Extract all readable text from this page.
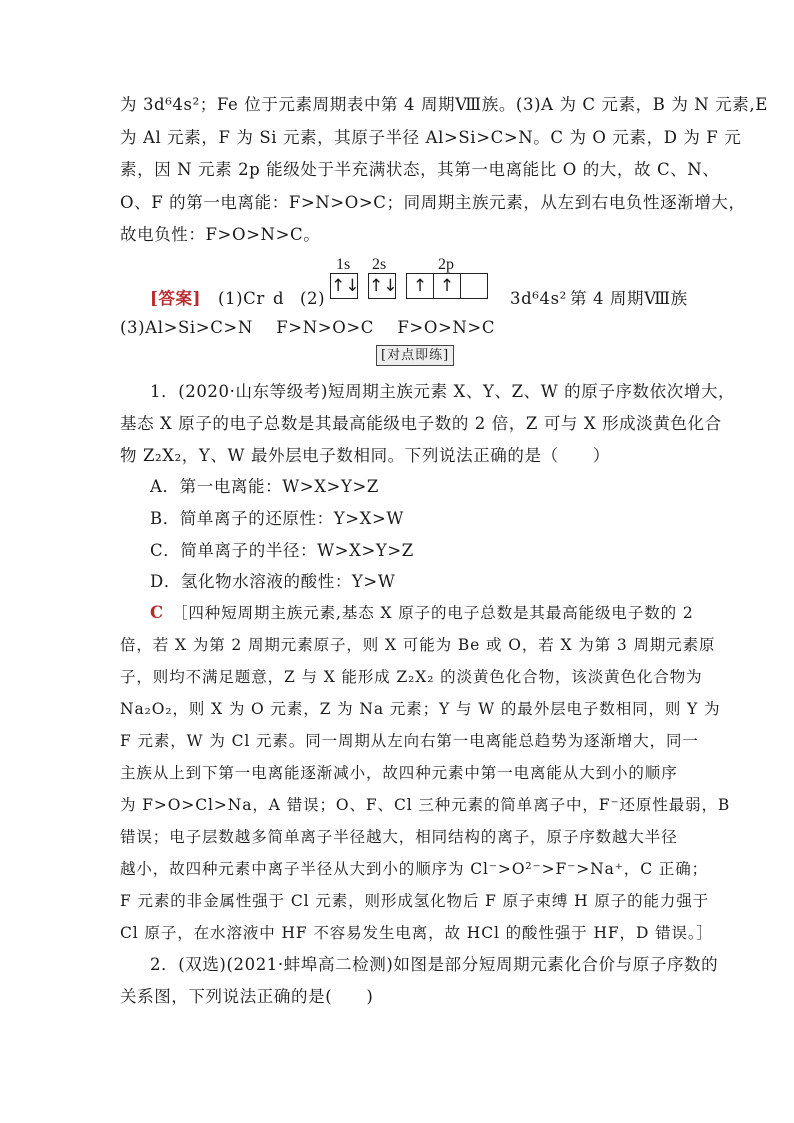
为 3d⁶4s²；Fe 位于元素周期表中第 4 周期Ⅷ族。(3)A 为 C 元素，B 为 N 元素,E
为 Al 元素，F 为 Si 元素，其原子半径 Al>Si>C>N。C 为 O 元素，D 为 F 元
素，因 N 元素 2p 能级处于半充满状态，其第一电离能比 O 的大，故 C、N、
O、F 的第一电离能：F>N>O>C；同周期主族元素，从左到右电负性逐渐增大，
故电负性：F>O>N>C。
1s 2s	2p
[答案] (1)Cr d (2)
↑↓ ↑↓ ↑ ↑
3d⁶4s² 第 4 周期Ⅷ族
(3)Al>Si>C>N    F>N>O>C    F>O>N>C
[对点即练]
1．(2020·山东等级考)短周期主族元素 X、Y、Z、W 的原子序数依次增大，
基态 X 原子的电子总数是其最高能级电子数的 2 倍，Z 可与 X 形成淡黄色化合
物 Z₂X₂，Y、W 最外层电子数相同。下列说法正确的是（　　）
A．第一电离能：W>X>Y>Z
B．简单离子的还原性：Y>X>W
C．简单离子的半径：W>X>Y>Z
D．氢化物水溶液的酸性：Y>W
C ［四种短周期主族元素,基态 X 原子的电子总数是其最高能级电子数的 2
倍，若 X 为第 2 周期元素原子，则 X 可能为 Be 或 O，若 X 为第 3 周期元素原
子，则均不满足题意，Z 与 X 能形成 Z₂X₂ 的淡黄色化合物，该淡黄色化合物为
Na₂O₂，则 X 为 O 元素，Z 为 Na 元素；Y 与 W 的最外层电子数相同，则 Y 为
F 元素，W 为 Cl 元素。同一周期从左向右第一电离能总趋势为逐渐增大，同一
主族从上到下第一电离能逐渐减小，故四种元素中第一电离能从大到小的顺序
为 F>O>Cl>Na，A 错误；O、F、Cl 三种元素的简单离子中，F⁻还原性最弱，B
错误；电子层数越多简单离子半径越大，相同结构的离子，原子序数越大半径
越小，故四种元素中离子半径从大到小的顺序为 Cl⁻>O²⁻>F⁻>Na⁺，C 正确；
F 元素的非金属性强于 Cl 元素，则形成氢化物后 F 原子束缚 H 原子的能力强于
Cl 原子，在水溶液中 HF 不容易发生电离，故 HCl 的酸性强于 HF，D 错误。］
2．(双选)(2021·蚌埠高二检测)如图是部分短周期元素化合价与原子序数的
关系图，下列说法正确的是(　　)
